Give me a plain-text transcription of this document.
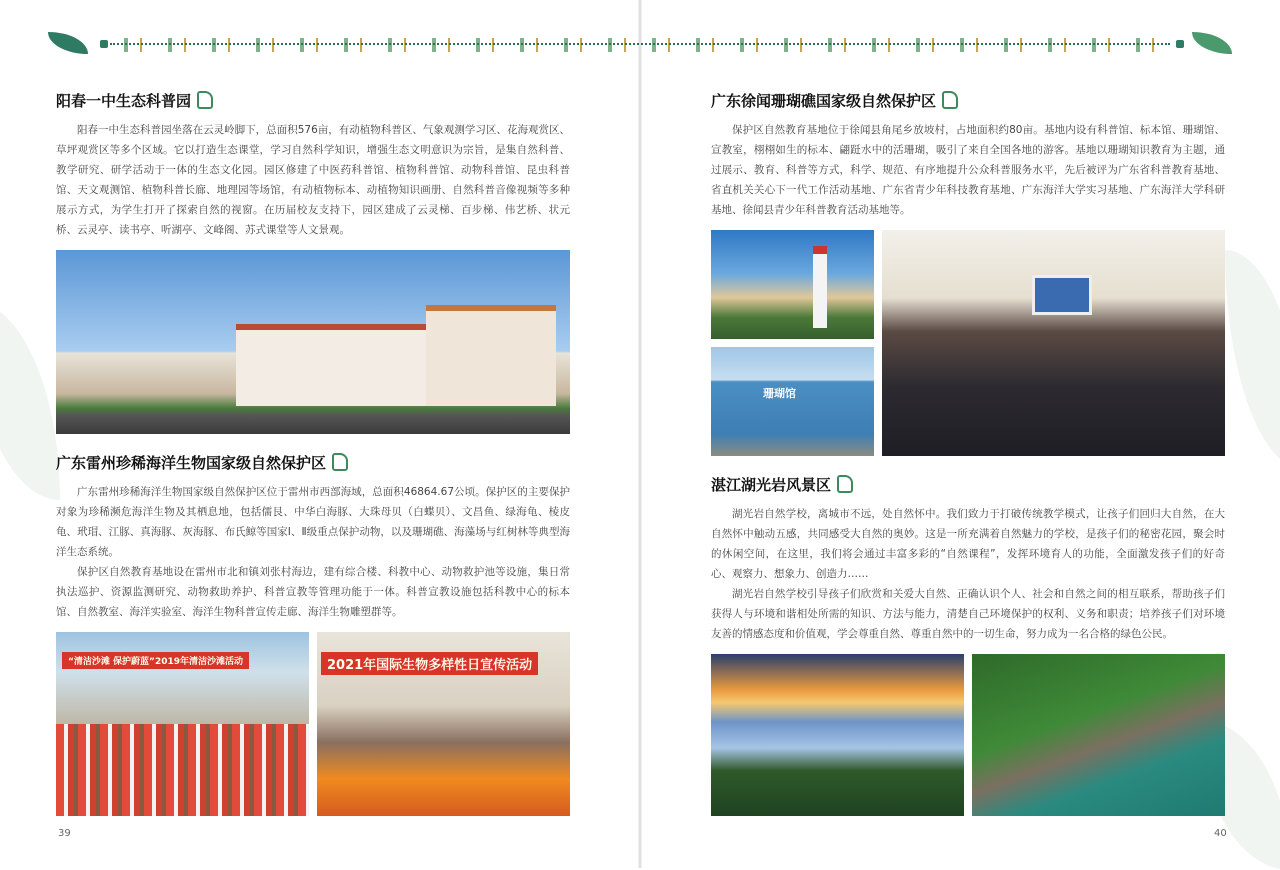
阳春一中生态科普园
阳春一中生态科普园坐落在云灵岭脚下，总面积576亩，有动植物科普区、气象观测学习区、花海观赏区、草坪观赏区等多个区域。它以打造生态课堂，学习自然科学知识，增强生态文明意识为宗旨，是集自然科普、教学研究、研学活动于一体的生态文化园。园区修建了中医药科普馆、植物科普馆、动物科普馆、昆虫科普馆、天文观测馆、植物科普长廊、地理园等场馆，有动植物标本、动植物知识画册、自然科普音像视频等多种展示方式，为学生打开了探索自然的视窗。在历届校友支持下，园区建成了云灵梯、百步梯、伟艺桥、状元桥、云灵亭、读书亭、听湖亭、文峰阁、苏式课堂等人文景观。
广东雷州珍稀海洋生物国家级自然保护区
广东雷州珍稀海洋生物国家级自然保护区位于雷州市西部海域，总面积46864.67公顷。保护区的主要保护对象为珍稀濒危海洋生物及其栖息地，包括儒艮、中华白海豚、大珠母贝（白蝶贝）、文昌鱼、绿海龟、棱皮龟、玳瑁、江豚、真海豚、灰海豚、布氏鲸等国家Ⅰ、Ⅱ级重点保护动物，以及珊瑚礁、海藻场与红树林等典型海洋生态系统。
保护区自然教育基地设在雷州市北和镇刘张村海边，建有综合楼、科教中心、动物救护池等设施，集日常执法巡护、资源监测研究、动物救助养护、科普宣教等管理功能于一体。科普宣教设施包括科教中心的标本馆、自然教室、海洋实验室、海洋生物科普宣传走廊、海洋生物雕塑群等。
“清洁沙滩 保护蔚蓝”2019年清洁沙滩活动	2021年国际生物多样性日宣传活动
39
广东徐闻珊瑚礁国家级自然保护区
保护区自然教育基地位于徐闻县角尾乡放坡村，占地面积约80亩。基地内设有科普馆、标本馆、珊瑚馆、宣教室，栩栩如生的标本、翩跹水中的活珊瑚，吸引了来自全国各地的游客。基地以珊瑚知识教育为主题，通过展示、教育、科普等方式，科学、规范、有序地提升公众科普服务水平，先后被评为广东省科普教育基地、省直机关关心下一代工作活动基地、广东省青少年科技教育基地、广东海洋大学实习基地、广东海洋大学科研基地、徐闻县青少年科普教育活动基地等。
珊瑚馆
湛江湖光岩风景区
湖光岩自然学校，离城市不远，处自然怀中。我们致力于打破传统教学模式，让孩子们回归大自然，在大自然怀中触动五感，共同感受大自然的奥妙。这是一所充满着自然魅力的学校，是孩子们的秘密花园，聚会时的休闲空间，在这里，我们将会通过丰富多彩的“自然课程”，发挥环境育人的功能，全面激发孩子们的好奇心、观察力、想象力、创造力……
湖光岩自然学校引导孩子们欣赏和关爱大自然、正确认识个人、社会和自然之间的相互联系，帮助孩子们获得人与环境和谐相处所需的知识、方法与能力，清楚自己环境保护的权利、义务和职责；培养孩子们对环境友善的情感态度和价值观，学会尊重自然、尊重自然中的一切生命，努力成为一名合格的绿色公民。
40
